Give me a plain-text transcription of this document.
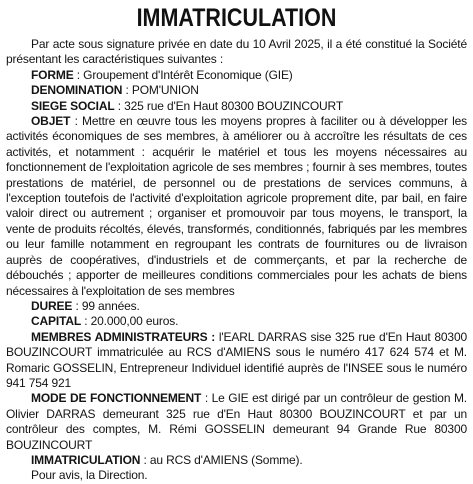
IMMATRICULATION

Par acte sous signature privée en date du 10 Avril 2025, il a été constitué la Société présentant les caractéristiques suivantes :

FORME : Groupement d'Intérêt Economique (GIE)

DENOMINATION : POM'UNION

SIEGE SOCIAL : 325 rue d'En Haut 80300 BOUZINCOURT

OBJET : Mettre en œuvre tous les moyens propres à faciliter ou à développer les activités économiques de ses membres, à améliorer ou à accroître les résultats de ces activités, et notamment : acquérir le matériel et tous les moyens nécessaires au fonctionnement de l'exploitation agricole de ses membres ; fournir à ses membres, toutes prestations de matériel, de personnel ou de prestations de services communs, à l'exception toutefois de l'activité d'exploitation agricole proprement dite, par bail, en faire valoir direct ou autrement ; organiser et promouvoir par tous moyens, le transport, la vente de produits récoltés, élevés, transformés, conditionnés, fabriqués par les membres ou leur famille notamment en regroupant les contrats de fournitures ou de livraison auprès de coopératives, d'industriels et de commerçants, et par la recherche de débouchés ; apporter de meilleures conditions commerciales pour les achats de biens nécessaires à l'exploitation de ses membres

DUREE : 99 années.

CAPITAL : 20.000,00 euros.

MEMBRES ADMINISTRATEURS : l'EARL DARRAS sise 325 rue d'En Haut 80300 BOUZINCOURT immatriculée au RCS d'AMIENS sous le numéro 417 624 574 et M. Romaric GOSSELIN, Entrepreneur Individuel identifié auprès de l'INSEE sous le numéro 941 754 921

MODE DE FONCTIONNEMENT : Le GIE est dirigé par un contrôleur de gestion M. Olivier DARRAS demeurant 325 rue d'En Haut 80300 BOUZINCOURT et par un contrôleur des comptes, M. Rémi GOSSELIN demeurant 94 Grande Rue 80300 BOUZINCOURT

IMMATRICULATION : au RCS d'AMIENS (Somme).

Pour avis, la Direction.
